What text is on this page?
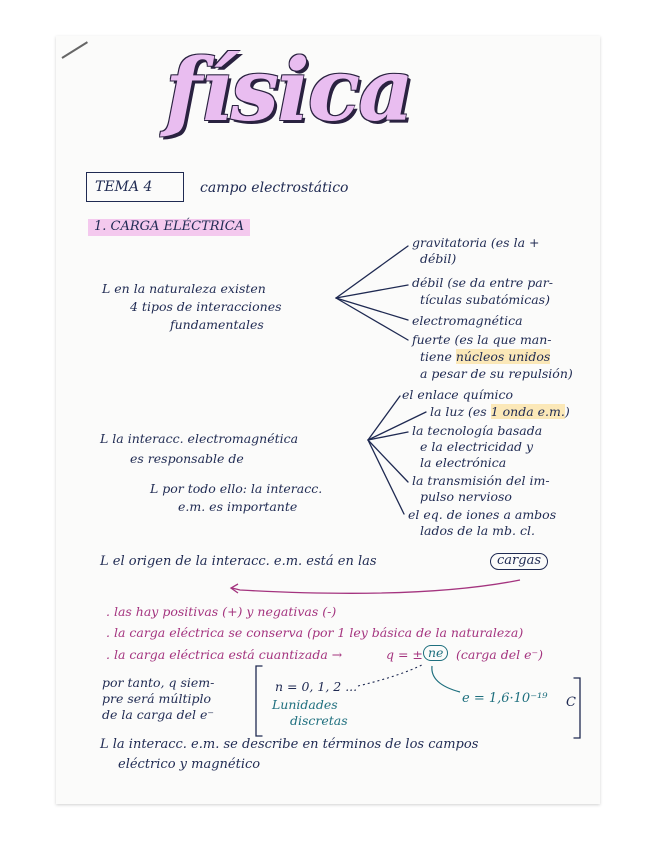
física
TEMA 4	campo electrostático
1. CARGA ELÉCTRICA
L en la naturaleza existen
4 tipos de interacciones
fundamentales
gravitatoria (es la +
débil)
débil (se da entre par-
tículas subatómicas)
electromagnética
fuerte (es la que man-
tiene núcleos unidos
a pesar de su repulsión)
el enlace químico
la luz (es 1 onda e.m.)
la tecnología basada
e la electricidad y
la electrónica
la transmisión del im-
pulso nervioso
el eq. de iones a ambos
lados de la mb. cl.
L la interacc. electromagnética
es responsable de
L por todo ello: la interacc.
e.m. es importante
L el origen de la interacc. e.m. está en las	cargas
. las hay positivas (+) y negativas (-)
. la carga eléctrica se conserva (por 1 ley básica de la naturaleza)
. la carga eléctrica está cuantizada →	q = ± ne	(carga del e⁻)
por tanto, q siem-
pre será múltiplo
de la carga del e⁻
n = 0, 1, 2 ...
Lunidades
discretas
e = 1,6·10⁻¹⁹ C
L la interacc. e.m. se describe en términos de los campos
eléctrico y magnético
